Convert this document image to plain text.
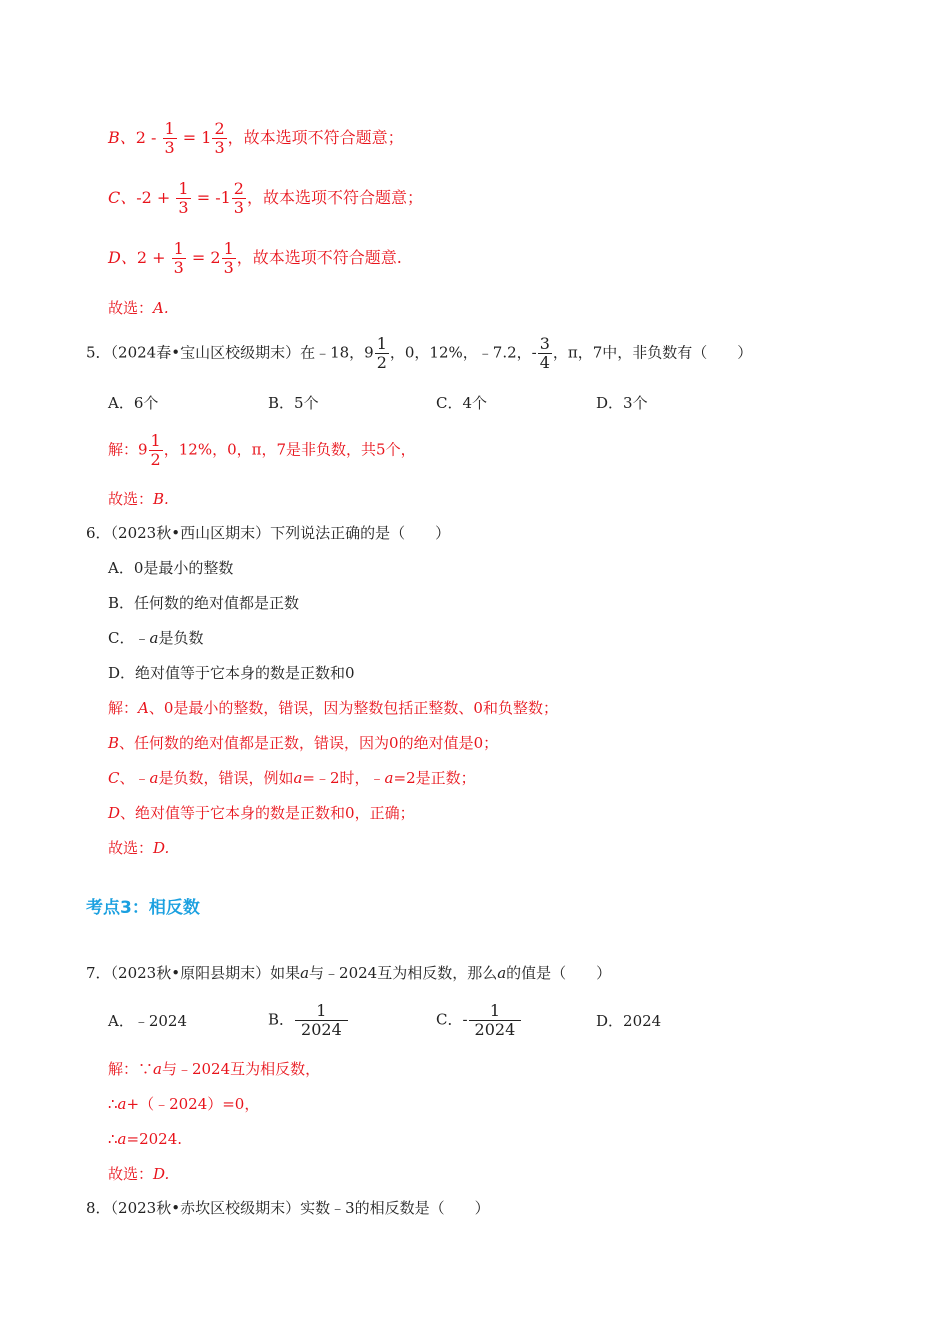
B、$2 - \frac{1}{3} = 1 \frac{2}{3}$ ，故本选项不符合题意；
C、$-2 + \frac{1}{3} = -1 \frac{2}{3}$ ，故本选项不符合题意；
D、$2 + \frac{1}{3} = 2 \frac{1}{3}$ ，故本选项不符合题意.
故选：A.
5．（2024春•宝山区校级期末）在﹣18，$9 \frac{1}{2}$ ，0，12%，﹣7.2，- $\frac{3}{4}$ ，π，7中，非负数有（　　）
A．6个	B．5个	C．4个	D．3个
解：$9 \frac{1}{2}$ ，12%，0，π，7是非负数，共5个，
故选：B.
6．（2023秋•西山区期末）下列说法正确的是（　　）
A．0是最小的整数
B．任何数的绝对值都是正数
C．﹣a是负数
D．绝对值等于它本身的数是正数和0
解：A、0是最小的整数，错误，因为整数包括正整数、0和负整数；
B、任何数的绝对值都是正数，错误，因为0的绝对值是0；
C、﹣a是负数，错误，例如a=﹣2时，﹣a=2是正数；
D、绝对值等于它本身的数是正数和0，正确；
故选：D.
考点3：相反数
7．（2023秋•原阳县期末）如果a与﹣2024互为相反数，那么a的值是（　　）
A．﹣2024	B． $\frac{1}{2024}$	C．- $\frac{1}{2024}$	D．2024
解：∵a与﹣2024互为相反数，
∴a+（﹣2024）=0，
∴a=2024.
故选：D.
8．（2023秋•赤坎区校级期末）实数﹣3的相反数是（　　）
